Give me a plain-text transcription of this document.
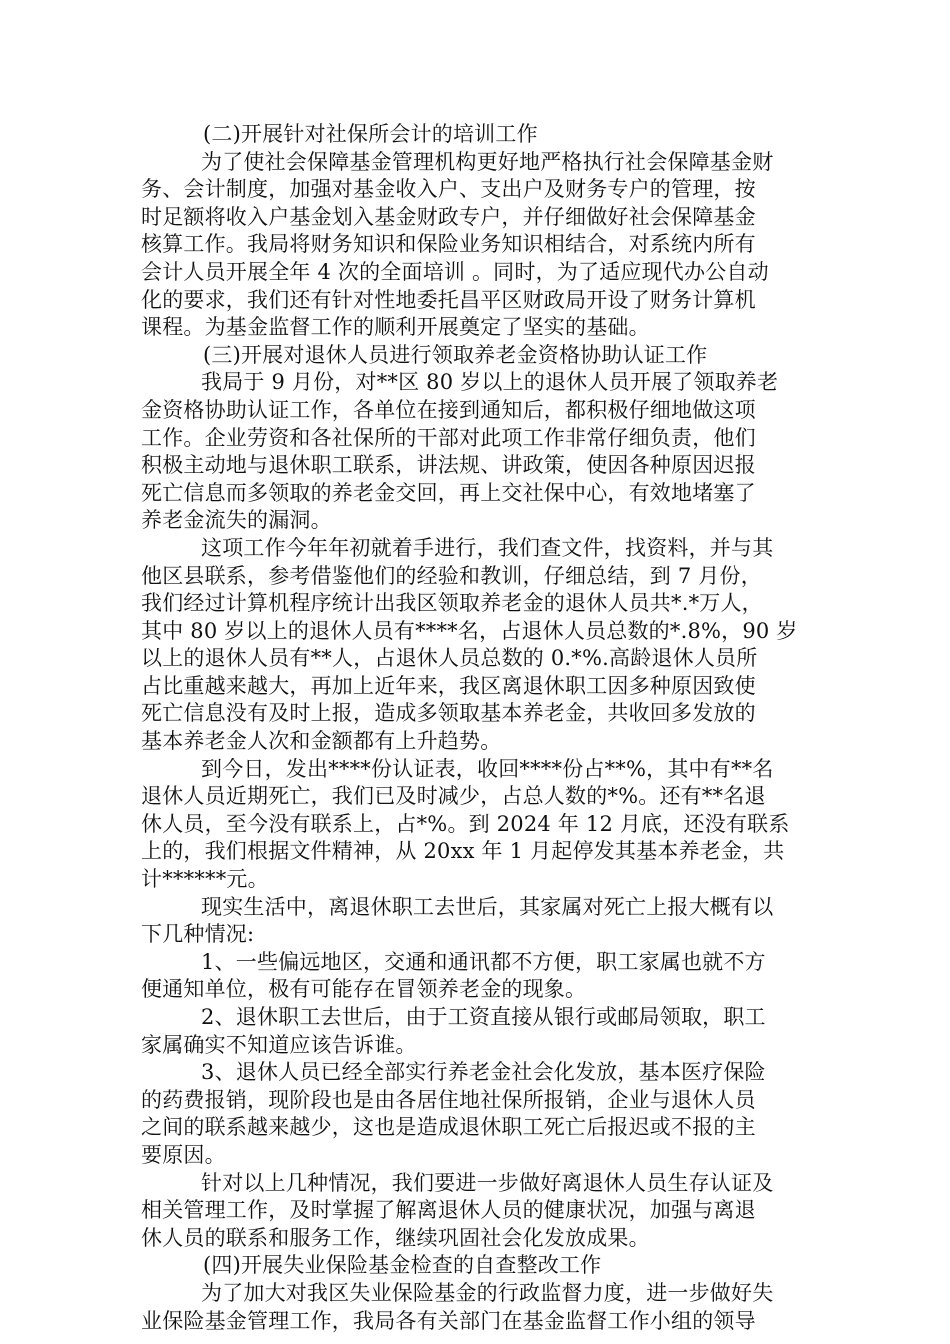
(二)开展针对社保所会计的培训工作
为了使社会保障基金管理机构更好地严格执行社会保障基金财
务、会计制度，加强对基金收入户、支出户及财务专户的管理，按
时足额将收入户基金划入基金财政专户，并仔细做好社会保障基金
核算工作。我局将财务知识和保险业务知识相结合，对系统内所有
会计人员开展全年 4 次的全面培训 。同时，为了适应现代办公自动
化的要求，我们还有针对性地委托昌平区财政局开设了财务计算机
课程。为基金监督工作的顺利开展奠定了坚实的基础。
(三)开展对退休人员进行领取养老金资格协助认证工作
我局于 9 月份，对**区 80 岁以上的退休人员开展了领取养老
金资格协助认证工作，各单位在接到通知后，都积极仔细地做这项
工作。企业劳资和各社保所的干部对此项工作非常仔细负责，他们
积极主动地与退休职工联系，讲法规、讲政策，使因各种原因迟报
死亡信息而多领取的养老金交回，再上交社保中心，有效地堵塞了
养老金流失的漏洞。
这项工作今年年初就着手进行，我们查文件，找资料，并与其
他区县联系，参考借鉴他们的经验和教训，仔细总结，到 7 月份，
我们经过计算机程序统计出我区领取养老金的退休人员共*.*万人，
其中 80 岁以上的退休人员有****名，占退休人员总数的*.8%，90 岁
以上的退休人员有**人，占退休人员总数的 0.*%.高龄退休人员所
占比重越来越大，再加上近年来，我区离退休职工因多种原因致使
死亡信息没有及时上报，造成多领取基本养老金，共收回多发放的
基本养老金人次和金额都有上升趋势。
到今日，发出****份认证表，收回****份占**%，其中有**名
退休人员近期死亡，我们已及时减少，占总人数的*%。还有**名退
休人员，至今没有联系上，占*%。到 2024 年 12 月底，还没有联系
上的，我们根据文件精神，从 20xx 年 1 月起停发其基本养老金，共
计******元。
现实生活中，离退休职工去世后，其家属对死亡上报大概有以
下几种情况:
1、一些偏远地区，交通和通讯都不方便，职工家属也就不方
便通知单位，极有可能存在冒领养老金的现象。
2、退休职工去世后，由于工资直接从银行或邮局领取，职工
家属确实不知道应该告诉谁。
3、退休人员已经全部实行养老金社会化发放，基本医疗保险
的药费报销，现阶段也是由各居住地社保所报销，企业与退休人员
之间的联系越来越少，这也是造成退休职工死亡后报迟或不报的主
要原因。
针对以上几种情况，我们要进一步做好离退休人员生存认证及
相关管理工作，及时掌握了解离退休人员的健康状况，加强与离退
休人员的联系和服务工作，继续巩固社会化发放成果。
(四)开展失业保险基金检查的自查整改工作
为了加大对我区失业保险基金的行政监督力度，进一步做好失
业保险基金管理工作，我局各有关部门在基金监督工作小组的领导
